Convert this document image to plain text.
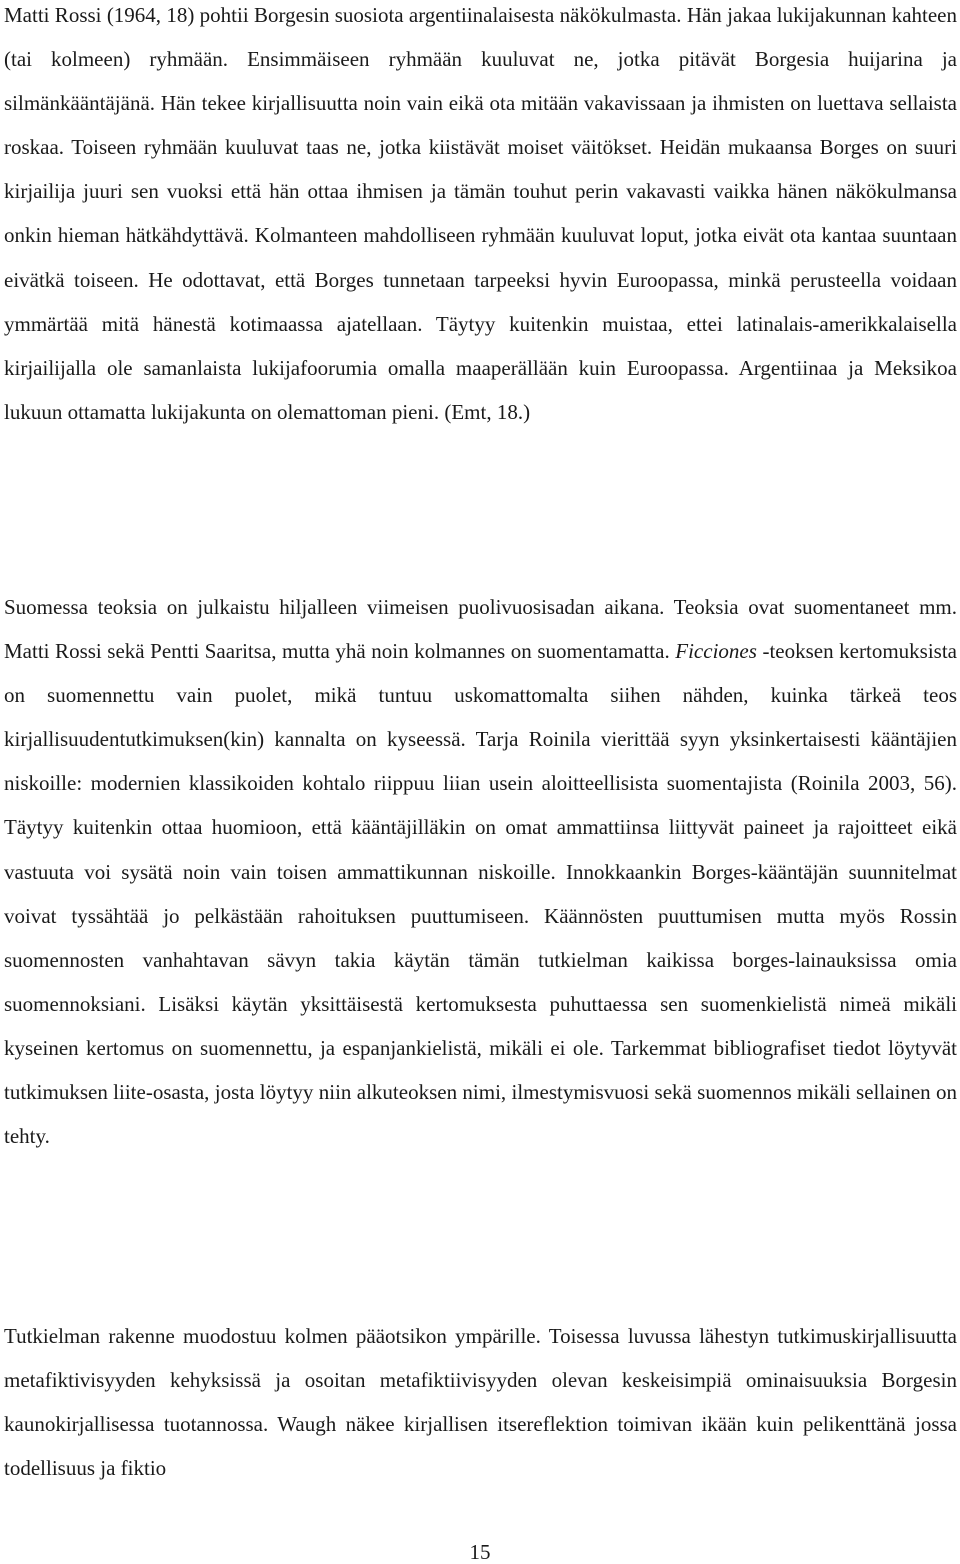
Matti Rossi (1964, 18) pohtii Borgesin suosiota argentiinalaisesta näkökulmasta. Hän jakaa lukijakunnan kahteen (tai kolmeen) ryhmään. Ensimmäiseen ryhmään kuuluvat ne, jotka pitävät Borgesia huijarina ja silmänkääntäjänä. Hän tekee kirjallisuutta noin vain eikä ota mitään vakavissaan ja ihmisten on luettava sellaista roskaa. Toiseen ryhmään kuuluvat taas ne, jotka kiistävät moiset väitökset. Heidän mukaansa Borges on suuri kirjailija juuri sen vuoksi että hän ottaa ihmisen ja tämän touhut perin vakavasti vaikka hänen näkökulmansa onkin hieman hätkähdyttävä. Kolmanteen mahdolliseen ryhmään kuuluvat loput, jotka eivät ota kantaa suuntaan eivätkä toiseen. He odottavat, että Borges tunnetaan tarpeeksi hyvin Euroopassa, minkä perusteella voidaan ymmärtää mitä hänestä kotimaassa ajatellaan. Täytyy kuitenkin muistaa, ettei latinalais-amerikkalaisella kirjailijalla ole samanlaista lukijafoorumia omalla maaperällään kuin Euroopassa. Argentiinaa ja Meksikoa lukuun ottamatta lukijakunta on olemattoman pieni. (Emt, 18.)

Suomessa teoksia on julkaistu hiljalleen viimeisen puolivuosisadan aikana. Teoksia ovat suomentaneet mm. Matti Rossi sekä Pentti Saaritsa, mutta yhä noin kolmannes on suomentamatta. Ficciones -teoksen kertomuksista on suomennettu vain puolet, mikä tuntuu uskomattomalta siihen nähden, kuinka tärkeä teos kirjallisuudentutkimuksen(kin) kannalta on kyseessä. Tarja Roinila vierittää syyn yksinkertaisesti kääntäjien niskoille: modernien klassikoiden kohtalo riippuu liian usein aloitteellisista suomentajista (Roinila 2003, 56). Täytyy kuitenkin ottaa huomioon, että kääntäjilläkin on omat ammattiinsa liittyvät paineet ja rajoitteet eikä vastuuta voi sysätä noin vain toisen ammattikunnan niskoille. Innokkaankin Borges-kääntäjän suunnitelmat voivat tyssähtää jo pelkästään rahoituksen puuttumiseen. Käännösten puuttumisen mutta myös Rossin suomennosten vanhahtavan sävyn takia käytän tämän tutkielman kaikissa borges-lainauksissa omia suomennoksiani. Lisäksi käytän yksittäisestä kertomuksesta puhuttaessa sen suomenkielistä nimeä mikäli kyseinen kertomus on suomennettu, ja espanjankielistä, mikäli ei ole. Tarkemmat bibliografiset tiedot löytyvät tutkimuksen liite-osasta, josta löytyy niin alkuteoksen nimi, ilmestymisvuosi sekä suomennos mikäli sellainen on tehty.

Tutkielman rakenne muodostuu kolmen pääotsikon ympärille. Toisessa luvussa lähestyn tutkimuskirjallisuutta metafiktivisyyden kehyksissä ja osoitan metafiktiivisyyden olevan keskeisimpiä ominaisuuksia Borgesin kaunokirjallisessa tuotannossa. Waugh näkee kirjallisen itsereflektion toimivan ikään kuin pelikenttänä jossa todellisuus ja fiktio

15
